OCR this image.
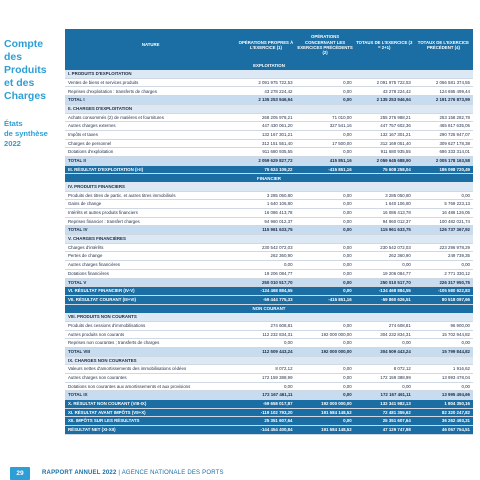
Compte
des Produits
et des Charges
États
de synthèse
2022
NATURE	OPÉRATIONS PROPRES À L'EXERCICE (1)	OPÉRATIONS CONCERNANT LES EXERCICES PRÉCÉDENTS (2)	TOTAUX DE L'EXERCICE (3 = 2+1)	TOTAUX DE L'EXERCICE PRÉCÉDENT (4)
EXPLOITATION				
I. PRODUITS D'EXPLOITATION				
Ventes de biens et services produits	2 091 975 722,53	0,00	2 091 975 722,53	2 066 581 374,55
Reprises d'exploitation : transferts de charges	43 278 224,42	0,00	43 278 224,42	124 695 499,44
TOTAL I	2 135 253 946,94	0,00	2 135 253 946,94	2 191 276 873,99
II. CHARGES D'EXPLOITATION				
Achats consommés (2) de matières et fournitures	268 205 978,21	71 010,00	255 276 988,21	253 158 282,78
Autres charges externes	447 430 061,20	327 541,16	447 757 602,36	465 817 635,05
Impôts et taxes	132 167 301,21	0,00	132 167 301,21	290 725 947,07
Charges de personnel	312 151 551,40	17 500,00	312 169 051,40	309 627 178,38
Dotations d'exploitation	911 680 935,55	0,00	911 680 935,55	686 333 314,01
TOTAL II	2 059 629 827,72	415 851,16	2 059 645 688,90	2 005 178 163,58
III. RÉSULTAT D'EXPLOITATION (I-II)	75 624 109,22	-415 851,16	75 608 258,04	186 098 720,49
FINANCIER				
IV. PRODUITS FINANCIERS				
Produits des titres de partic. et autres titres immobilisés	3 285 050,80	0,00	3 285 050,80	0,00
Gains de change	1 640 106,80	0,00	1 640 106,80	5 769 223,13
Intérêts et autres produits financiers	16 086 413,78	0,00	16 086 413,78	16 486 126,05
Reprises financier : transfert charges	94 960 012,37	0,00	94 960 012,37	100 482 021,74
TOTAL IV	115 961 633,75	0,00	115 961 633,75	126 737 367,92
V. CHARGES FINANCIÈRES				
Charges d'intérêts	230 542 072,03	0,00	230 542 072,03	223 296 978,29
Pertes de change	262 360,90	0,00	262 360,90	249 739,35
Autres charges financières	0,00	0,00	0,00	0,00
Dotations financières	19 206 084,77	0,00	19 206 084,77	2 771 330,12
TOTAL V	250 010 517,70	0,00	250 010 517,70	226 317 950,75
VI. RÉSULTAT FINANCIER (IV-V)	-134 468 884,55	0,00	-134 468 884,55	-105 580 622,83
VII. RÉSULTAT COURANT (III+VI)	-59 444 775,33	-415 851,16	-59 860 626,51	80 518 097,66
NON COURANT				
VIII. PRODUITS NON COURANTS				
Produits des cessions d'immobilisations	274 608,81	0,00	274 608,81	96 900,00
Autres produits non courants	112 232 834,31	192 000 000,00	304 232 834,31	15 702 944,82
Reprises non courantes ; transferts de charges	0,00	0,00	0,00	0,00
TOTAL VIII	112 509 443,24	192 000 000,00	304 509 443,24	15 799 844,82
IX. CHARGES NON COURANTES				
Valeurs nettes d'amortissements des immobilisations cédées	8 072,12	0,00	8 072,12	1 916,62
Autres charges non courantes	172 159 388,99	0,00	172 159 388,99	13 993 478,04
Dotations non courantes aux amortissements et aux provisions	0,00	0,00	0,00	0,00
TOTAL IX	172 167 461,11	0,00	172 167 461,11	13 995 494,66
X. RÉSULTAT NON COURANT (VIII-IX)	-59 658 017,87	192 000 000,00	132 341 982,13	1 804 350,16
XI. RÉSULTAT AVANT IMPÔTS (VII+X)	-119 102 793,20	191 584 148,52	72 481 355,62	82 320 247,82
XII. IMPÔTS SUR LES RÉSULTATS	25 351 607,64	0,00	25 351 607,64	36 262 493,31
RÉSULTAT NET (XI-XII)	-144 454 400,84	191 584 148,52	47 129 747,98	46 057 754,51
29	RAPPORT ANNUEL 2022 | AGENCE NATIONALE DES PORTS
